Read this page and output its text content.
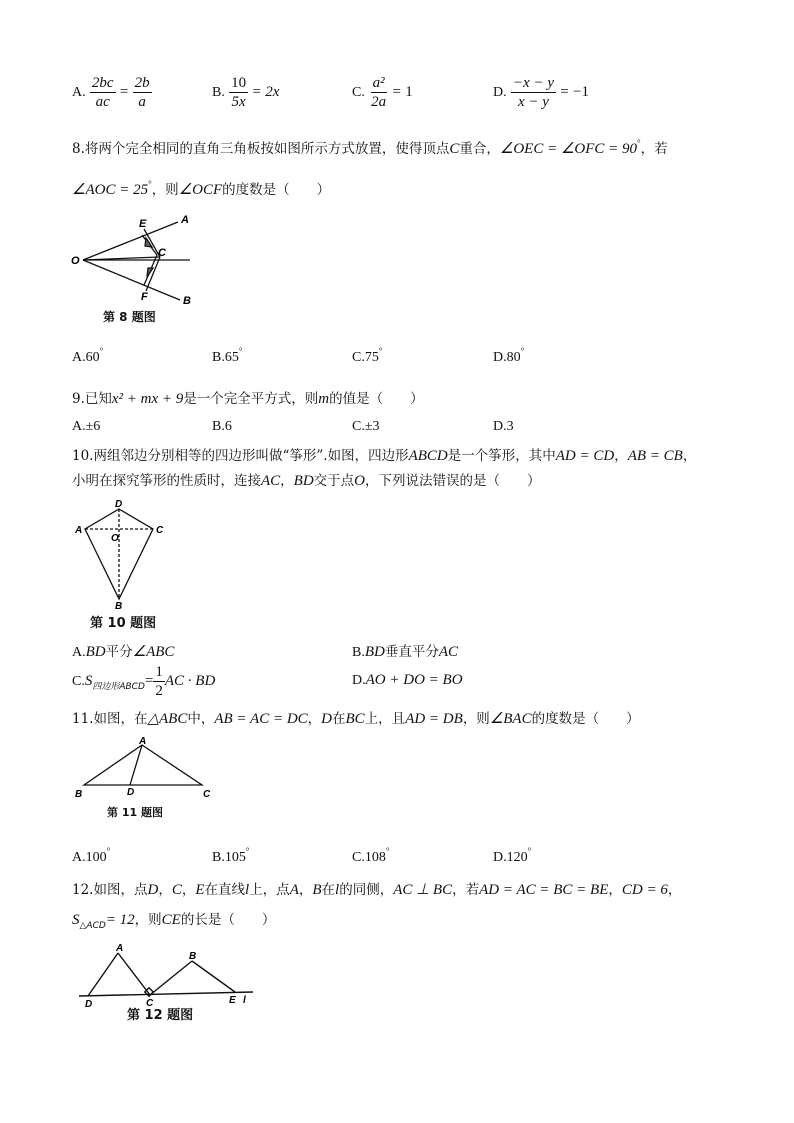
A. $\frac{2bc}{ac} = \frac{2b}{a}$	B. $\frac{10}{5x} = 2x$	C. $\frac{\text{a²}}{2a} = 1$	D. $\frac{-x - y}{x - y} = -1$
8.将两个完全相同的直角三角板按如图所示方式放置，使得顶点C重合，∠OEC = ∠OFC = 90°，若
∠AOC = 25°，则∠OCF的度数是（　　）
E	A
O
C
F	B
第 8 题图
A.60°	B.65°	C.75°	D.80°
9.已知x² + mx + 9是一个完全平方式，则m的值是（　　）
A.±6	B.6	C.±3	D.3
10.两组邻边分别相等的四边形叫做“筝形”.如图，四边形ABCD是一个筝形，其中AD = CD，AB = CB，
小明在探究筝形的性质时，连接AC，BD交于点O，下列说法错误的是（　　）
D
A
O
C
B
第 10 题图
A.BD平分∠ABC	B.BD垂直平分AC
$C.S_{四边形ABCD}= \frac{1}{2}$ AC · BD	D.AO + DO = BO
11.如图，在△ABC中，AB = AC = DC，D在BC上，且AD = DB，则∠BAC的度数是（　　）
A
B	D	C
第 11 题图
A.100°	B.105°	C.108°	D.120°
12.如图，点D，C，E在直线l上，点A，B在l的同侧，AC ⊥ BC，若AD = AC = BC = BE，CD = 6，
$S_{\triangle ACD}= 12$，则CE的长是（　　）
A
B
D	C	E l
第 12 题图
